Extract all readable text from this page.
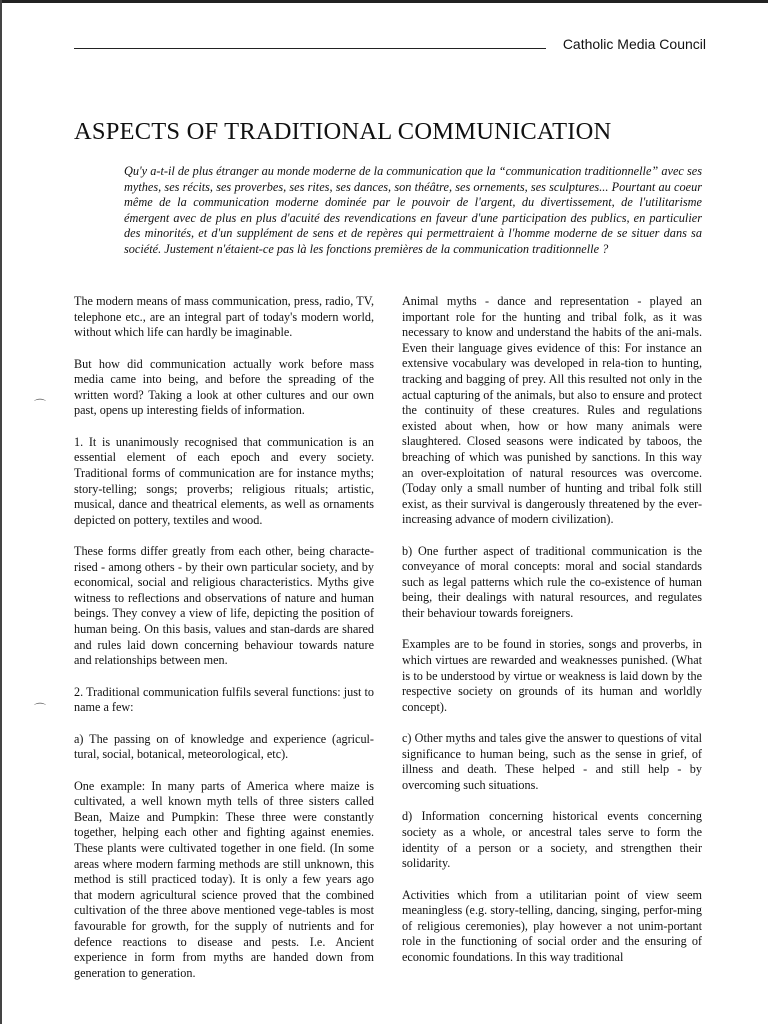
Catholic Media Council
ASPECTS OF TRADITIONAL COMMUNICATION

Qu'y a-t-il de plus étranger au monde moderne de la communication que la “communication traditionnelle” avec ses mythes, ses récits, ses proverbes, ses rites, ses dances, son théâtre, ses ornements, ses sculptures... Pourtant au coeur même de la communication moderne dominée par le pouvoir de l'argent, du divertissement, de l'utilitarisme émergent avec de plus en plus d'acuité des revendications en faveur d'une participation des publics, en particulier des minorités, et d'un supplément de sens et de repères qui permettraient à l'homme moderne de se situer dans sa société. Justement n'étaient-ce pas là les fonctions premières de la communication traditionnelle ?

The modern means of mass communication, press, radio, TV, telephone etc., are an integral part of today's modern world, without which life can hardly be imaginable.

But how did communication actually work before mass media came into being, and before the spreading of the written word? Taking a look at other cultures and our own past, opens up interesting fields of information.

1. It is unanimously recognised that communication is an essential element of each epoch and every society. Traditional forms of communication are for instance myths; story-telling; songs; proverbs; religious rituals; artistic, musical, dance and theatrical elements, as well as ornaments depicted on pottery, textiles and wood.

These forms differ greatly from each other, being characte-rised - among others - by their own particular society, and by economical, social and religious characteristics. Myths give witness to reflections and observations of nature and human beings. They convey a view of life, depicting the position of human being. On this basis, values and stan-dards are shared and rules laid down concerning behaviour towards nature and relationships between men.

2. Traditional communication fulfils several functions: just to name a few:

a) The passing on of knowledge and experience (agricul-tural, social, botanical, meteorological, etc).

One example: In many parts of America where maize is cultivated, a well known myth tells of three sisters called Bean, Maize and Pumpkin: These three were constantly together, helping each other and fighting against enemies. These plants were cultivated together in one field. (In some areas where modern farming methods are still unknown, this method is still practiced today). It is only a few years ago that modern agricultural science proved that the combined cultivation of the three above mentioned vege-tables is most favourable for growth, for the supply of nutrients and for defence reactions to disease and pests. I.e. Ancient experience in form from myths are handed down from generation to generation.

Animal myths - dance and representation - played an important role for the hunting and tribal folk, as it was necessary to know and understand the habits of the ani-mals. Even their language gives evidence of this: For instance an extensive vocabulary was developed in rela-tion to hunting, tracking and bagging of prey. All this resulted not only in the actual capturing of the animals, but also to ensure and protect the continuity of these creatures. Rules and regulations existed about when, how or how many animals were slaughtered. Closed seasons were indicated by taboos, the breaching of which was punished by sanctions. In this way an over-exploitation of natural resources was overcome. (Today only a small number of hunting and tribal folk still exist, as their survival is dangerously threatened by the ever-increasing advance of modern civilization).

b) One further aspect of traditional communication is the conveyance of moral concepts: moral and social standards such as legal patterns which rule the co-existence of human being, their dealings with natural resources, and regulates their behaviour towards foreigners.

Examples are to be found in stories, songs and proverbs, in which virtues are rewarded and weaknesses punished. (What is to be understood by virtue or weakness is laid down by the respective society on grounds of its human and worldly concept).

c) Other myths and tales give the answer to questions of vital significance to human being, such as the sense in grief, of illness and death. These helped - and still help - by overcoming such situations.

d) Information concerning historical events concerning society as a whole, or ancestral tales serve to form the identity of a person or a society, and strengthen their solidarity.

Activities which from a utilitarian point of view seem meaningless (e.g. story-telling, dancing, singing, perfor-ming of religious ceremonies), play however a not unim-portant role in the functioning of social order and the ensuring of economic foundations. In this way traditional

⌒
⌒
